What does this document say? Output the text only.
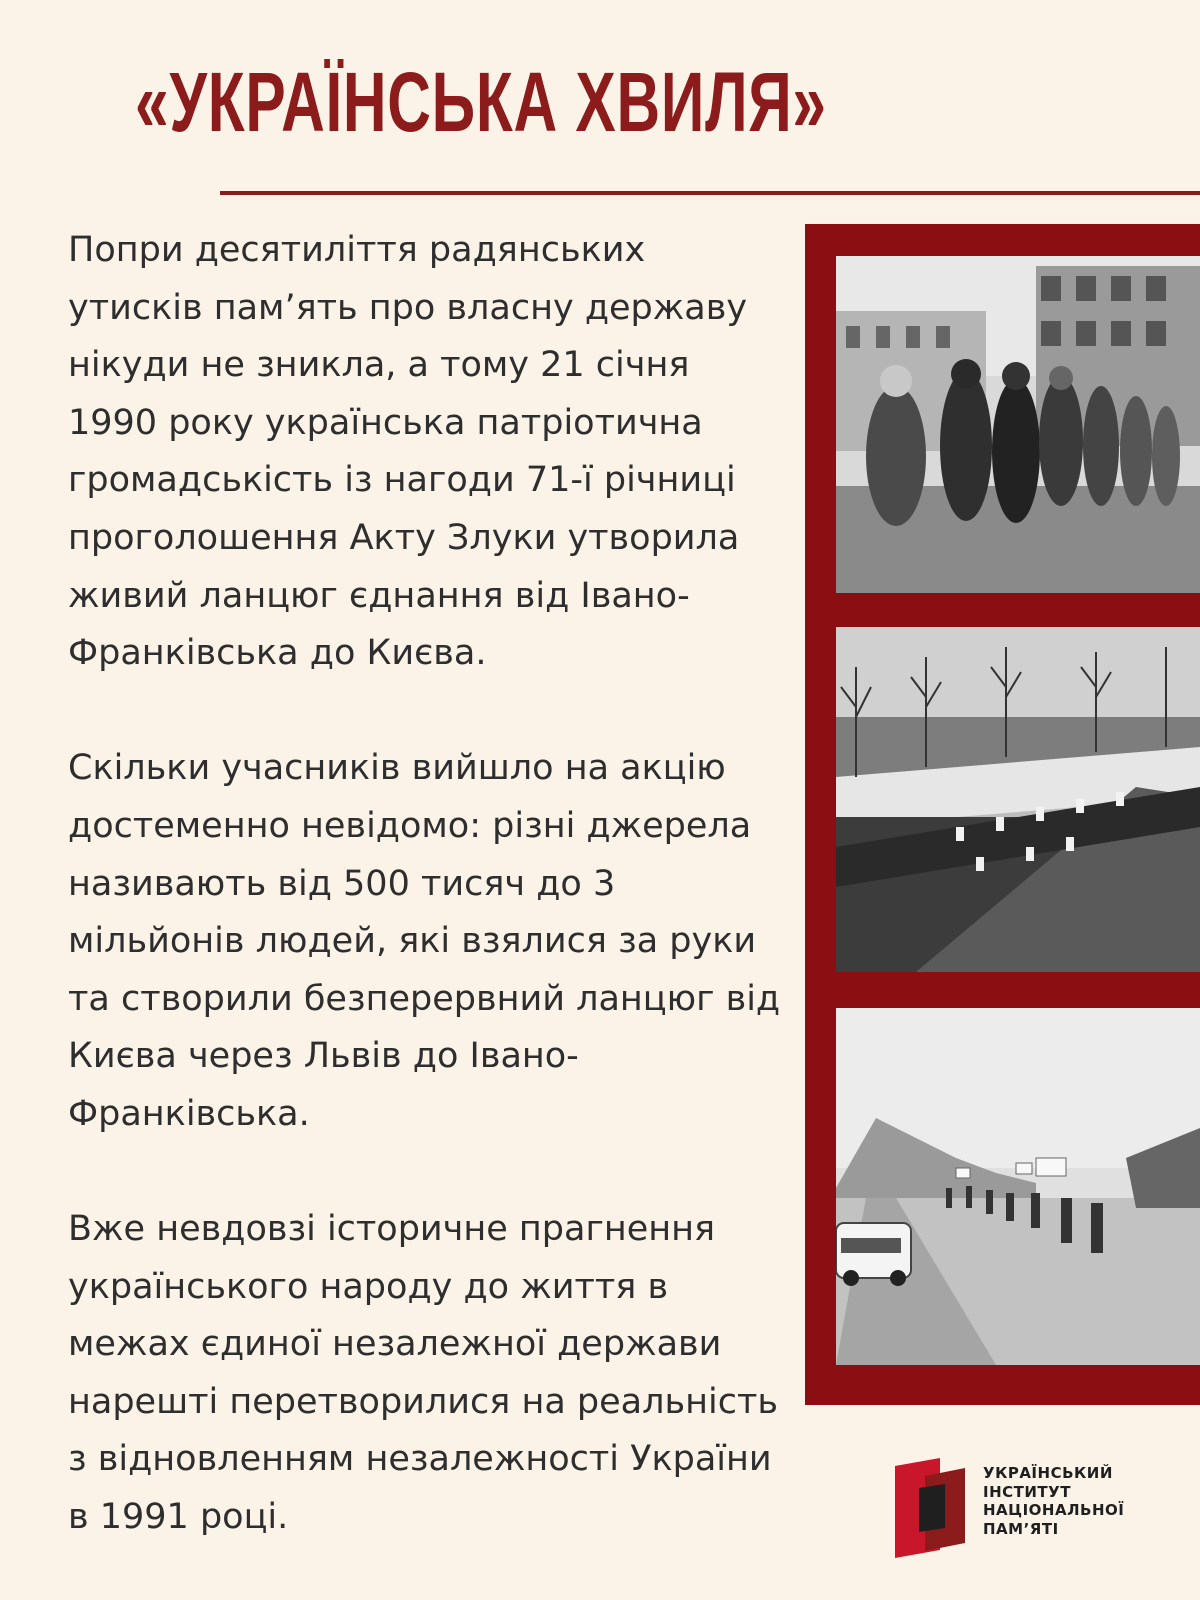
«УКРАЇНСЬКА ХВИЛЯ»

Попри десятиліття радянських утисків пам’ять про власну державу нікуди не зникла, а тому 21 січня 1990 року українська патріотична громадськість із нагоди 71-ї річниці проголошення Акту Злуки утворила живий ланцюг єднання від Івано-Франківська до Києва.

Скільки учасників вийшло на акцію достеменно невідомо: різні джерела називають від 500 тисяч до 3 мільйонів людей, які взялися за руки та створили безперервний ланцюг від Києва через Львів до Івано-Франківська.

Вже невдовзі історичне прагнення українського народу до життя в межах єдиної незалежної держави нарешті перетворилися на реальність з відновленням незалежності України в 1991 році.

УКРАЇНСЬКИЙ
ІНСТИТУТ
НАЦІОНАЛЬНОЇ
ПАМ’ЯТІ
